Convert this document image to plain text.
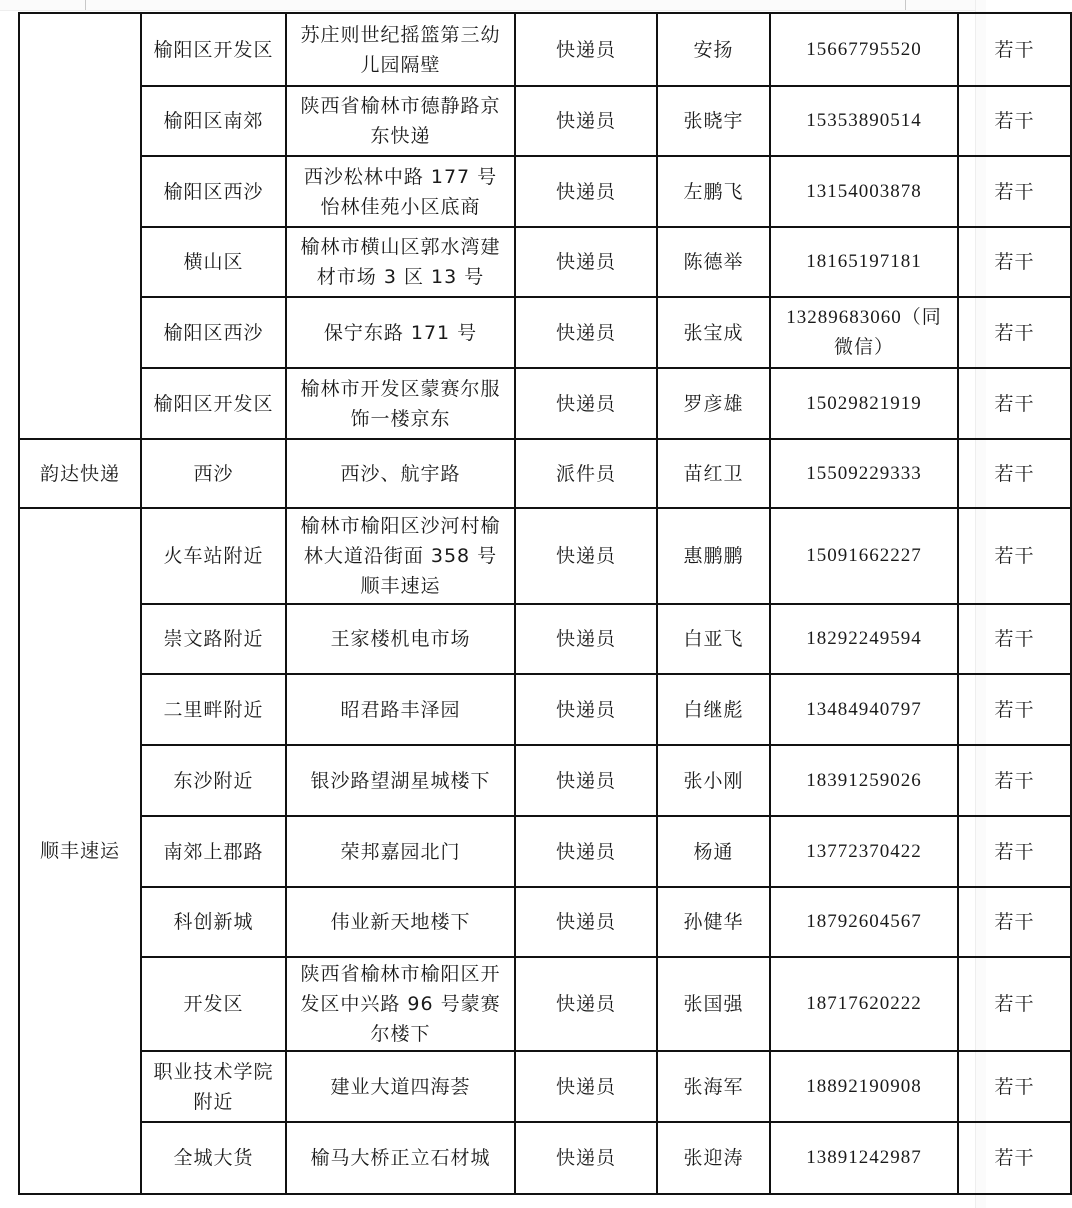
	榆阳区开发区	苏庄则世纪摇篮第三幼儿园隔壁	快递员	安扬	15667795520	若干
	榆阳区南郊	陕西省榆林市德静路京东快递	快递员	张晓宇	15353890514	若干
	榆阳区西沙	西沙松林中路 177 号怡林佳苑小区底商	快递员	左鹏飞	13154003878	若干
	横山区	榆林市横山区郭水湾建材市场 3 区 13 号	快递员	陈德举	18165197181	若干
	榆阳区西沙	保宁东路 171 号	快递员	张宝成	13289683060（同微信）	若干
	榆阳区开发区	榆林市开发区蒙赛尔服饰一楼京东	快递员	罗彦雄	15029821919	若干
韵达快递	西沙	西沙、航宇路	派件员	苗红卫	15509229333	若干
顺丰速运	火车站附近	榆林市榆阳区沙河村榆林大道沿街面 358 号顺丰速运	快递员	惠鹏鹏	15091662227	若干
	崇文路附近	王家楼机电市场	快递员	白亚飞	18292249594	若干
	二里畔附近	昭君路丰泽园	快递员	白继彪	13484940797	若干
	东沙附近	银沙路望湖星城楼下	快递员	张小刚	18391259026	若干
	南郊上郡路	荣邦嘉园北门	快递员	杨通	13772370422	若干
	科创新城	伟业新天地楼下	快递员	孙健华	18792604567	若干
	开发区	陕西省榆林市榆阳区开发区中兴路 96 号蒙赛尔楼下	快递员	张国强	18717620222	若干
	职业技术学院附近	建业大道四海荟	快递员	张海军	18892190908	若干
	全城大货	榆马大桥正立石材城	快递员	张迎涛	13891242987	若干
